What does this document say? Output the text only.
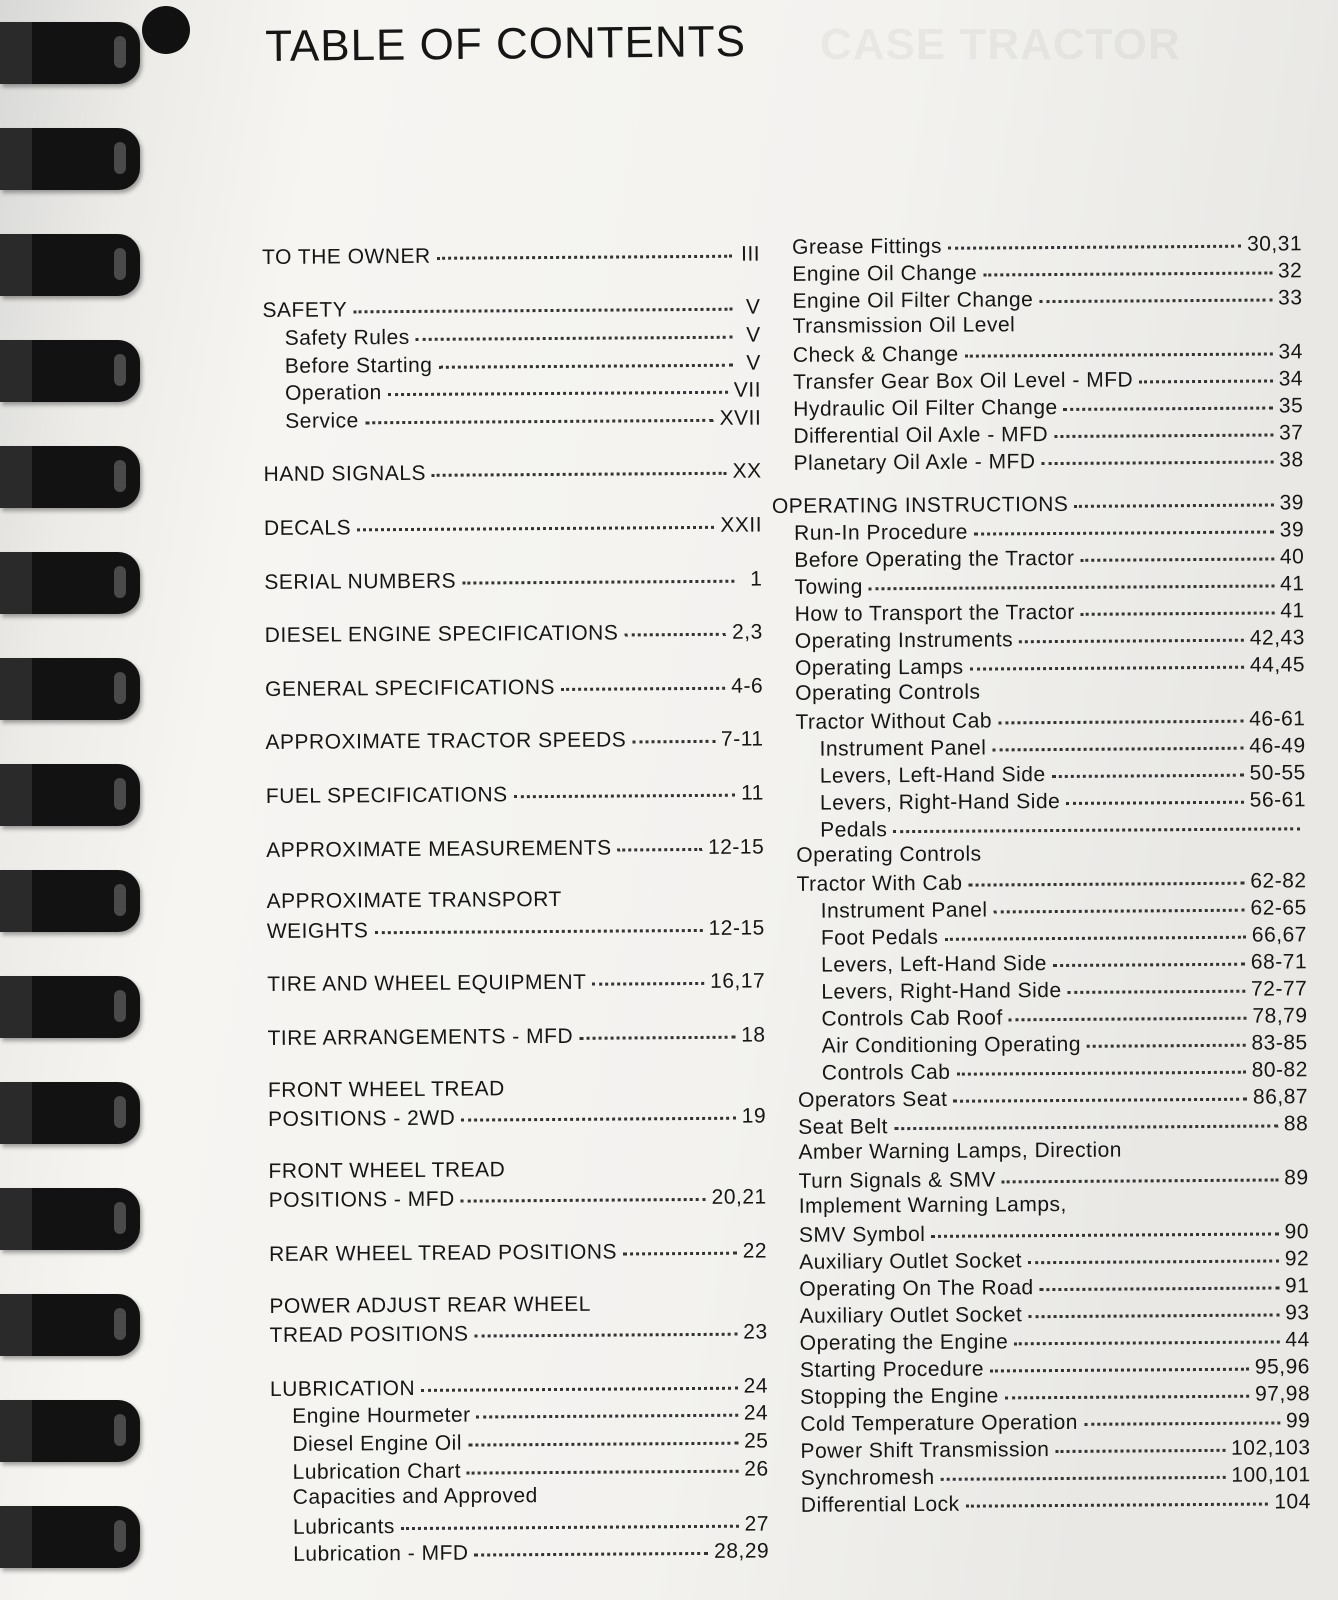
TABLE OF CONTENTS
TO THE OWNER	III
SAFETY	V
Safety Rules	V
Before Starting	V
Operation	VII
Service	XVII
HAND SIGNALS	XX
DECALS	XXII
SERIAL NUMBERS	1
DIESEL ENGINE SPECIFICATIONS	2,3
GENERAL SPECIFICATIONS	4-6
APPROXIMATE TRACTOR SPEEDS	7-11
FUEL SPECIFICATIONS	11
APPROXIMATE MEASUREMENTS	12-15
APPROXIMATE TRANSPORT
WEIGHTS	12-15
TIRE AND WHEEL EQUIPMENT	16,17
TIRE ARRANGEMENTS - MFD	18
FRONT WHEEL TREAD
POSITIONS - 2WD	19
FRONT WHEEL TREAD
POSITIONS - MFD	20,21
REAR WHEEL TREAD POSITIONS	22
POWER ADJUST REAR WHEEL
TREAD POSITIONS	23
LUBRICATION	24
Engine Hourmeter	24
Diesel Engine Oil	25
Lubrication Chart	26
Capacities and Approved
Lubricants	27
Lubrication - MFD	28,29
Grease Fittings	30,31
Engine Oil Change	32
Engine Oil Filter Change	33
Transmission Oil Level
Check & Change	34
Transfer Gear Box Oil Level - MFD	34
Hydraulic Oil Filter Change	35
Differential Oil Axle - MFD	37
Planetary Oil Axle - MFD	38
OPERATING INSTRUCTIONS	39
Run-In Procedure	39
Before Operating the Tractor	40
Towing	41
How to Transport the Tractor	41
Operating Instruments	42,43
Operating Lamps	44,45
Operating Controls
Tractor Without Cab	46-61
Instrument Panel	46-49
Levers, Left-Hand Side	50-55
Levers, Right-Hand Side	56-61
Pedals
Operating Controls
Tractor With Cab	62-82
Instrument Panel	62-65
Foot Pedals	66,67
Levers, Left-Hand Side	68-71
Levers, Right-Hand Side	72-77
Controls Cab Roof	78,79
Air Conditioning Operating	83-85
Controls Cab	80-82
Operators Seat	86,87
Seat Belt	88
Amber Warning Lamps, Direction
Turn Signals & SMV	89
Implement Warning Lamps,
SMV Symbol	90
Auxiliary Outlet Socket	92
Operating On The Road	91
Auxiliary Outlet Socket	93
Operating the Engine	44
Starting Procedure	95,96
Stopping the Engine	97,98
Cold Temperature Operation	99
Power Shift Transmission	102,103
Synchromesh	100,101
Differential Lock	104
